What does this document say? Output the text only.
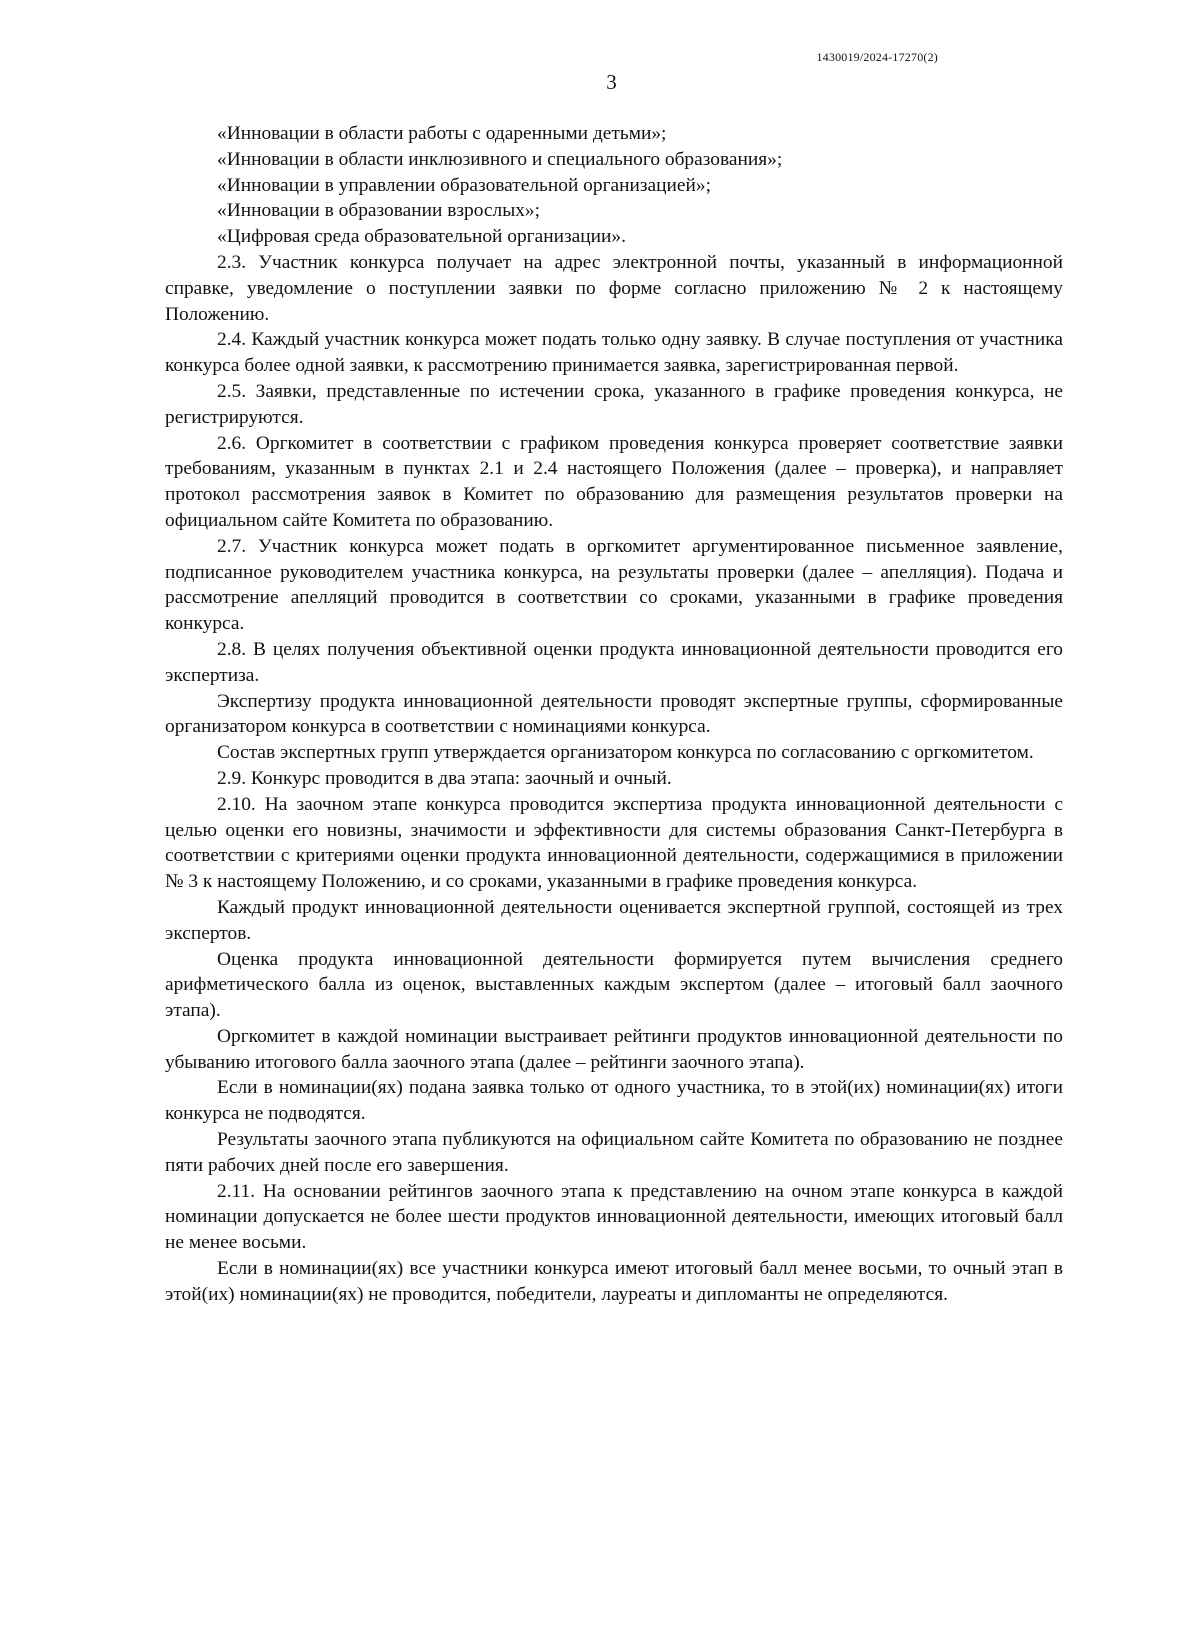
1430019/2024-17270(2)
3

«Инновации в области работы с одаренными детьми»;

«Инновации в области инклюзивного и специального образования»;

«Инновации в управлении образовательной организацией»;

«Инновации в образовании взрослых»;

«Цифровая среда образовательной организации».

2.3. Участник конкурса получает на адрес электронной почты, указанный в информационной справке, уведомление о поступлении заявки по форме согласно приложению № 2 к настоящему Положению.

2.4. Каждый участник конкурса может подать только одну заявку. В случае поступления от участника конкурса более одной заявки, к рассмотрению принимается заявка, зарегистрированная первой.

2.5. Заявки, представленные по истечении срока, указанного в графике проведения конкурса, не регистрируются.

2.6. Оргкомитет в соответствии с графиком проведения конкурса проверяет соответствие заявки требованиям, указанным в пунктах 2.1 и 2.4 настоящего Положения (далее – проверка), и направляет протокол рассмотрения заявок в Комитет по образованию для размещения результатов проверки на официальном сайте Комитета по образованию.

2.7. Участник конкурса может подать в оргкомитет аргументированное письменное заявление, подписанное руководителем участника конкурса, на результаты проверки (далее – апелляция). Подача и рассмотрение апелляций проводится в соответствии со сроками, указанными в графике проведения конкурса.

2.8. В целях получения объективной оценки продукта инновационной деятельности проводится его экспертиза.

Экспертизу продукта инновационной деятельности проводят экспертные группы, сформированные организатором конкурса в соответствии с номинациями конкурса.

Состав экспертных групп утверждается организатором конкурса по согласованию с оргкомитетом.

2.9. Конкурс проводится в два этапа: заочный и очный.

2.10. На заочном этапе конкурса проводится экспертиза продукта инновационной деятельности с целью оценки его новизны, значимости и эффективности для системы образования Санкт-Петербурга в соответствии с критериями оценки продукта инновационной деятельности, содержащимися в приложении № 3 к настоящему Положению, и со сроками, указанными в графике проведения конкурса.

Каждый продукт инновационной деятельности оценивается экспертной группой, состоящей из трех экспертов.

Оценка продукта инновационной деятельности формируется путем вычисления среднего арифметического балла из оценок, выставленных каждым экспертом (далее – итоговый балл заочного этапа).

Оргкомитет в каждой номинации выстраивает рейтинги продуктов инновационной деятельности по убыванию итогового балла заочного этапа (далее – рейтинги заочного этапа).

Если в номинации(ях) подана заявка только от одного участника, то в этой(их) номинации(ях) итоги конкурса не подводятся.

Результаты заочного этапа публикуются на официальном сайте Комитета по образованию не позднее пяти рабочих дней после его завершения.

2.11. На основании рейтингов заочного этапа к представлению на очном этапе конкурса в каждой номинации допускается не более шести продуктов инновационной деятельности, имеющих итоговый балл не менее восьми.

Если в номинации(ях) все участники конкурса имеют итоговый балл менее восьми, то очный этап в этой(их) номинации(ях) не проводится, победители, лауреаты и дипломанты не определяются.
